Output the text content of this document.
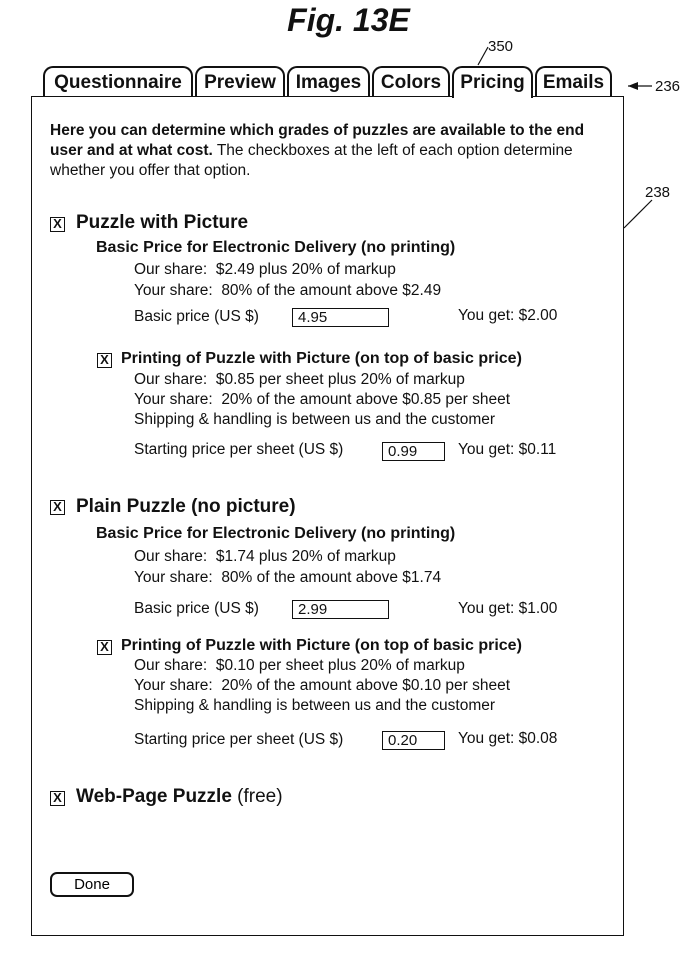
Fig. 13E
350
236
238
Questionnaire	Preview	Images	Colors	Pricing Emails
Here you can determine which grades of puzzles are available to the end user and at what cost. The checkboxes at the left of each option determine whether you offer that option.
X Puzzle with Picture
Basic Price for Electronic Delivery (no printing)
Our share:  $2.49 plus 20% of markup
Your share:  80% of the amount above $2.49
Basic price (US $)
4.95	You get: $2.00
X Printing of Puzzle with Picture (on top of basic price)
Our share:  $0.85 per sheet plus 20% of markup
Your share:  20% of the amount above $0.85 per sheet
Shipping & handling is between us and the customer
Starting price per sheet (US $)
0.99	You get: $0.11
X Plain Puzzle (no picture)
Basic Price for Electronic Delivery (no printing)
Our share:  $1.74 plus 20% of markup
Your share:  80% of the amount above $1.74
Basic price (US $)
2.99	You get: $1.00
X Printing of Puzzle with Picture (on top of basic price)
Our share:  $0.10 per sheet plus 20% of markup
Your share:  20% of the amount above $0.10 per sheet
Shipping & handling is between us and the customer
Starting price per sheet (US $)
0.20	You get: $0.08
X Web-Page Puzzle (free)
Done
